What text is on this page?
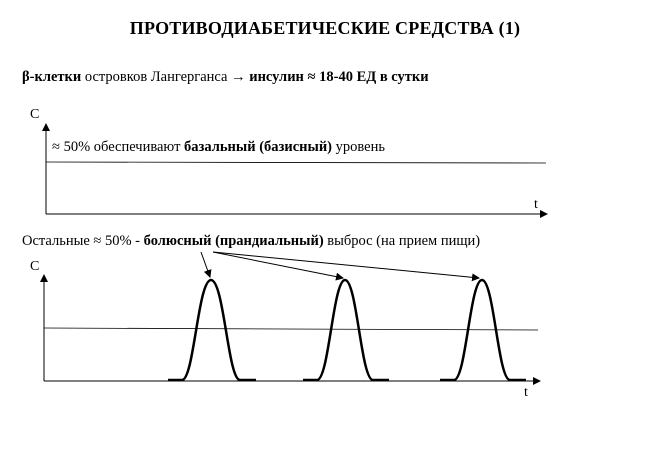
ПРОТИВОДИАБЕТИЧЕСКИЕ СРЕДСТВА (1)
β-клетки островков Лангерганса → инсулин ≈ 18-40 ЕД в сутки
≈ 50% обеспечивают базальный (базисный) уровень
C
t
Остальные ≈ 50% - болюсный (прандиальный) выброс (на прием пищи)
C
t
